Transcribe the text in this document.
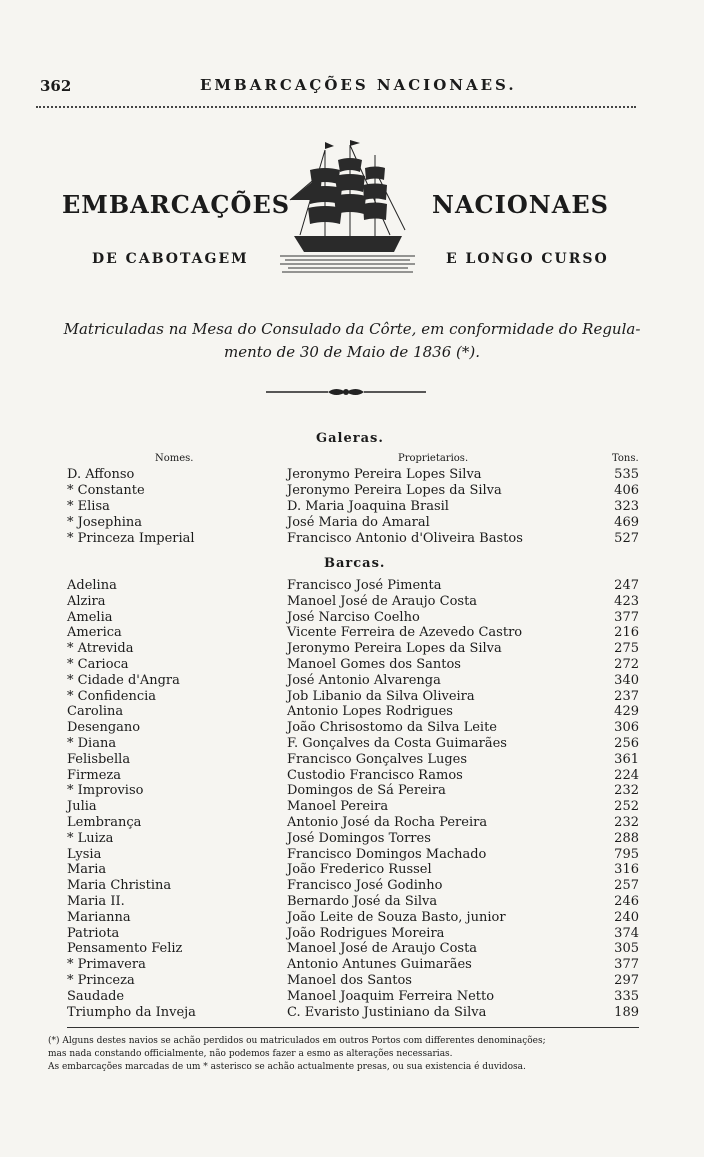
362	EMBARCAÇÕES NACIONAES.
EMBARCAÇÕES	NACIONAES
DE CABOTAGEM	E LONGO CURSO
Matriculadas na Mesa do Consulado da Côrte, em conformidade do Regula-
mento de 30 de Maio de 1836 (*).
Galeras.
Nomes.	Proprietarios.	Tons.
D. Affonso	Jeronymo Pereira Lopes Silva	535
* Constante	Jeronymo Pereira Lopes da Silva	406
* Elisa	D. Maria Joaquina Brasil	323
* Josephina	José Maria do Amaral	469
* Princeza Imperial	Francisco Antonio d'Oliveira Bastos	527
Barcas.
Adelina	Francisco José Pimenta	247
Alzira	Manoel José de Araujo Costa	423
Amelia	José Narciso Coelho	377
America	Vicente Ferreira de Azevedo Castro	216
* Atrevida	Jeronymo Pereira Lopes da Silva	275
* Carioca	Manoel Gomes dos Santos	272
* Cidade d'Angra	José Antonio Alvarenga	340
* Confidencia	Job Libanio da Silva Oliveira	237
Carolina	Antonio Lopes Rodrigues	429
Desengano	João Chrisostomo da Silva Leite	306
* Diana	F. Gonçalves da Costa Guimarães	256
Felisbella	Francisco Gonçalves Luges	361
Firmeza	Custodio Francisco Ramos	224
* Improviso	Domingos de Sá Pereira	232
Julia	Manoel Pereira	252
Lembrança	Antonio José da Rocha Pereira	232
* Luiza	José Domingos Torres	288
Lysia	Francisco Domingos Machado	795
Maria	João Frederico Russel	316
Maria Christina	Francisco José Godinho	257
Maria II.	Bernardo José da Silva	246
Marianna	João Leite de Souza Basto, junior	240
Patriota	João Rodrigues Moreira	374
Pensamento Feliz	Manoel José de Araujo Costa	305
* Primavera	Antonio Antunes Guimarães	377
* Princeza	Manoel dos Santos	297
Saudade	Manoel Joaquim Ferreira Netto	335
Triumpho da Inveja	C. Evaristo Justiniano da Silva	189
(*) Alguns destes navios se achão perdidos ou matriculados em outros Portos com differentes denominações;
mas nada constando officialmente, não podemos fazer a esmo as alterações necessarias.
As embarcações marcadas de um * asterisco se achão actualmente presas, ou sua existencia é duvidosa.
